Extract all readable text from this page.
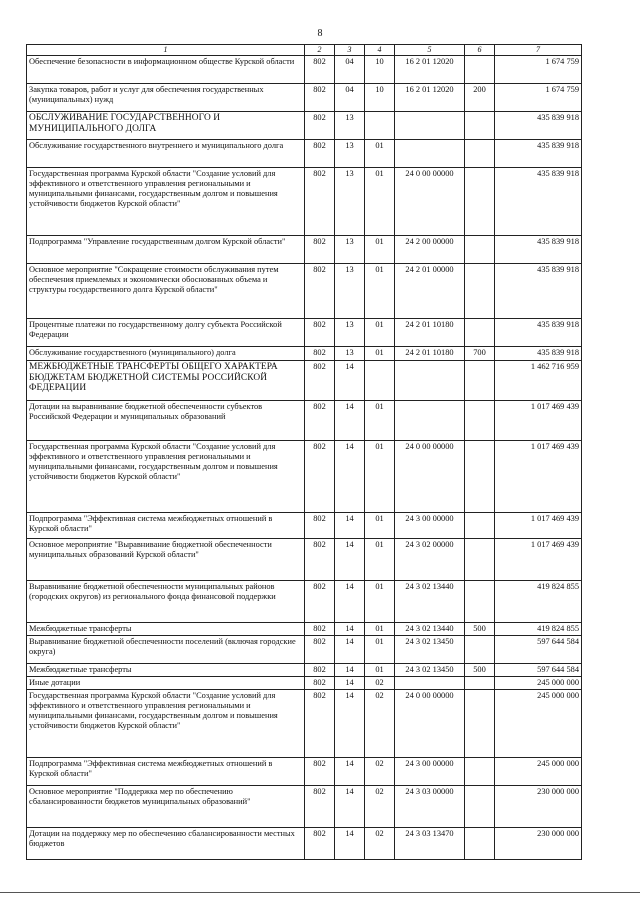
8
1	2	3	4	5	6	7
Обеспечение безопасности в информационном обществе Курской области	802	04	10	16 2 01 12020		1 674 759
Закупка товаров, работ и услуг для обеспечения государственных (муниципальных) нужд	802	04	10	16 2 01 12020	200	1 674 759
ОБСЛУЖИВАНИЕ ГОСУДАРСТВЕННОГО И МУНИЦИПАЛЬНОГО ДОЛГА	802	13				435 839 918
Обслуживание государственного внутреннего и муниципального долга	802	13	01			435 839 918
Государственная программа Курской области "Создание условий для эффективного и ответственного управления региональными и муниципальными финансами, государственным долгом и повышения устойчивости бюджетов Курской области"	802	13	01	24 0 00 00000		435 839 918
Подпрограмма "Управление государственным долгом Курской области"	802	13	01	24 2 00 00000		435 839 918
Основное мероприятие "Сокращение стоимости обслуживания путем обеспечения приемлемых и экономически обоснованных объема и структуры государственного долга Курской области"	802	13	01	24 2 01 00000		435 839 918
Процентные платежи по государственному долгу субъекта Российской Федерации	802	13	01	24 2 01 10180		435 839 918
Обслуживание государственного (муниципального) долга	802	13	01	24 2 01 10180	700	435 839 918
МЕЖБЮДЖЕТНЫЕ ТРАНСФЕРТЫ ОБЩЕГО ХАРАКТЕРА БЮДЖЕТАМ БЮДЖЕТНОЙ СИСТЕМЫ РОССИЙСКОЙ ФЕДЕРАЦИИ	802	14				1 462 716 959
Дотации на выравнивание бюджетной обеспеченности субъектов Российской Федерации и муниципальных образований	802	14	01			1 017 469 439
Государственная программа Курской области "Создание условий для эффективного и ответственного управления региональными и муниципальными финансами, государственным долгом и повышения устойчивости бюджетов Курской области"	802	14	01	24 0 00 00000		1 017 469 439
Подпрограмма "Эффективная система межбюджетных отношений в Курской области"	802	14	01	24 3 00 00000		1 017 469 439
Основное мероприятие "Выравнивание бюджетной обеспеченности муниципальных образований Курской области"	802	14	01	24 3 02 00000		1 017 469 439
Выравнивание бюджетной обеспеченности муниципальных районов (городских округов) из регионального фонда финансовой поддержки	802	14	01	24 3 02 13440		419 824 855
Межбюджетные трансферты	802	14	01	24 3 02 13440	500	419 824 855
Выравнивание бюджетной обеспеченности поселений (включая городские округа)	802	14	01	24 3 02 13450		597 644 584
Межбюджетные трансферты	802	14	01	24 3 02 13450	500	597 644 584
Иные дотации	802	14	02			245 000 000
Государственная программа Курской области "Создание условий для эффективного и ответственного управления региональными и муниципальными финансами, государственным долгом и повышения устойчивости бюджетов Курской области"	802	14	02	24 0 00 00000		245 000 000
Подпрограмма "Эффективная система межбюджетных отношений в Курской области"	802	14	02	24 3 00 00000		245 000 000
Основное мероприятие "Поддержка мер по обеспечению сбалансированности бюджетов муниципальных образований"	802	14	02	24 3 03 00000		230 000 000
Дотации на поддержку мер по обеспечению сбалансированности местных бюджетов	802	14	02	24 3 03 13470		230 000 000
